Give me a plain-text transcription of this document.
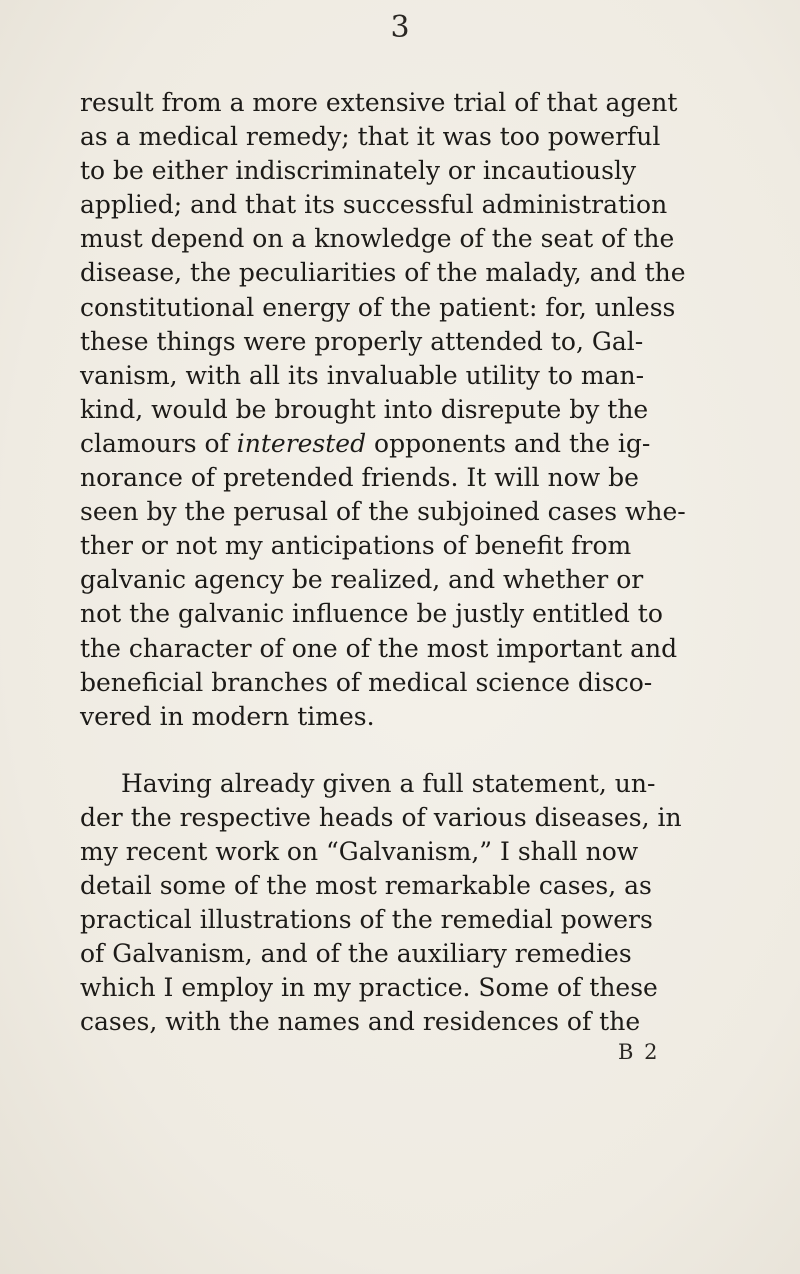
3
result from a more extensive trial of that agent
as a medical remedy; that it was too powerful
to be either indiscriminately or incautiously
applied; and that its successful administration
must depend on a knowledge of the seat of the
disease, the peculiarities of the malady, and the
constitutional energy of the patient: for, unless
these things were properly attended to, Gal-
vanism, with all its invaluable utility to man-
kind, would be brought into disrepute by the
clamours of interested opponents and the ig-
norance of pretended friends. It will now be
seen by the perusal of the subjoined cases whe-
ther or not my anticipations of benefit from
galvanic agency be realized, and whether or
not the galvanic influence be justly entitled to
the character of one of the most important and
beneficial branches of medical science disco-
vered in modern times.
Having already given a full statement, un-
der the respective heads of various diseases, in
my recent work on “Galvanism,” I shall now
detail some of the most remarkable cases, as
practical illustrations of the remedial powers
of Galvanism, and of the auxiliary remedies
which I employ in my practice. Some of these
cases, with the names and residences of the
B 2
